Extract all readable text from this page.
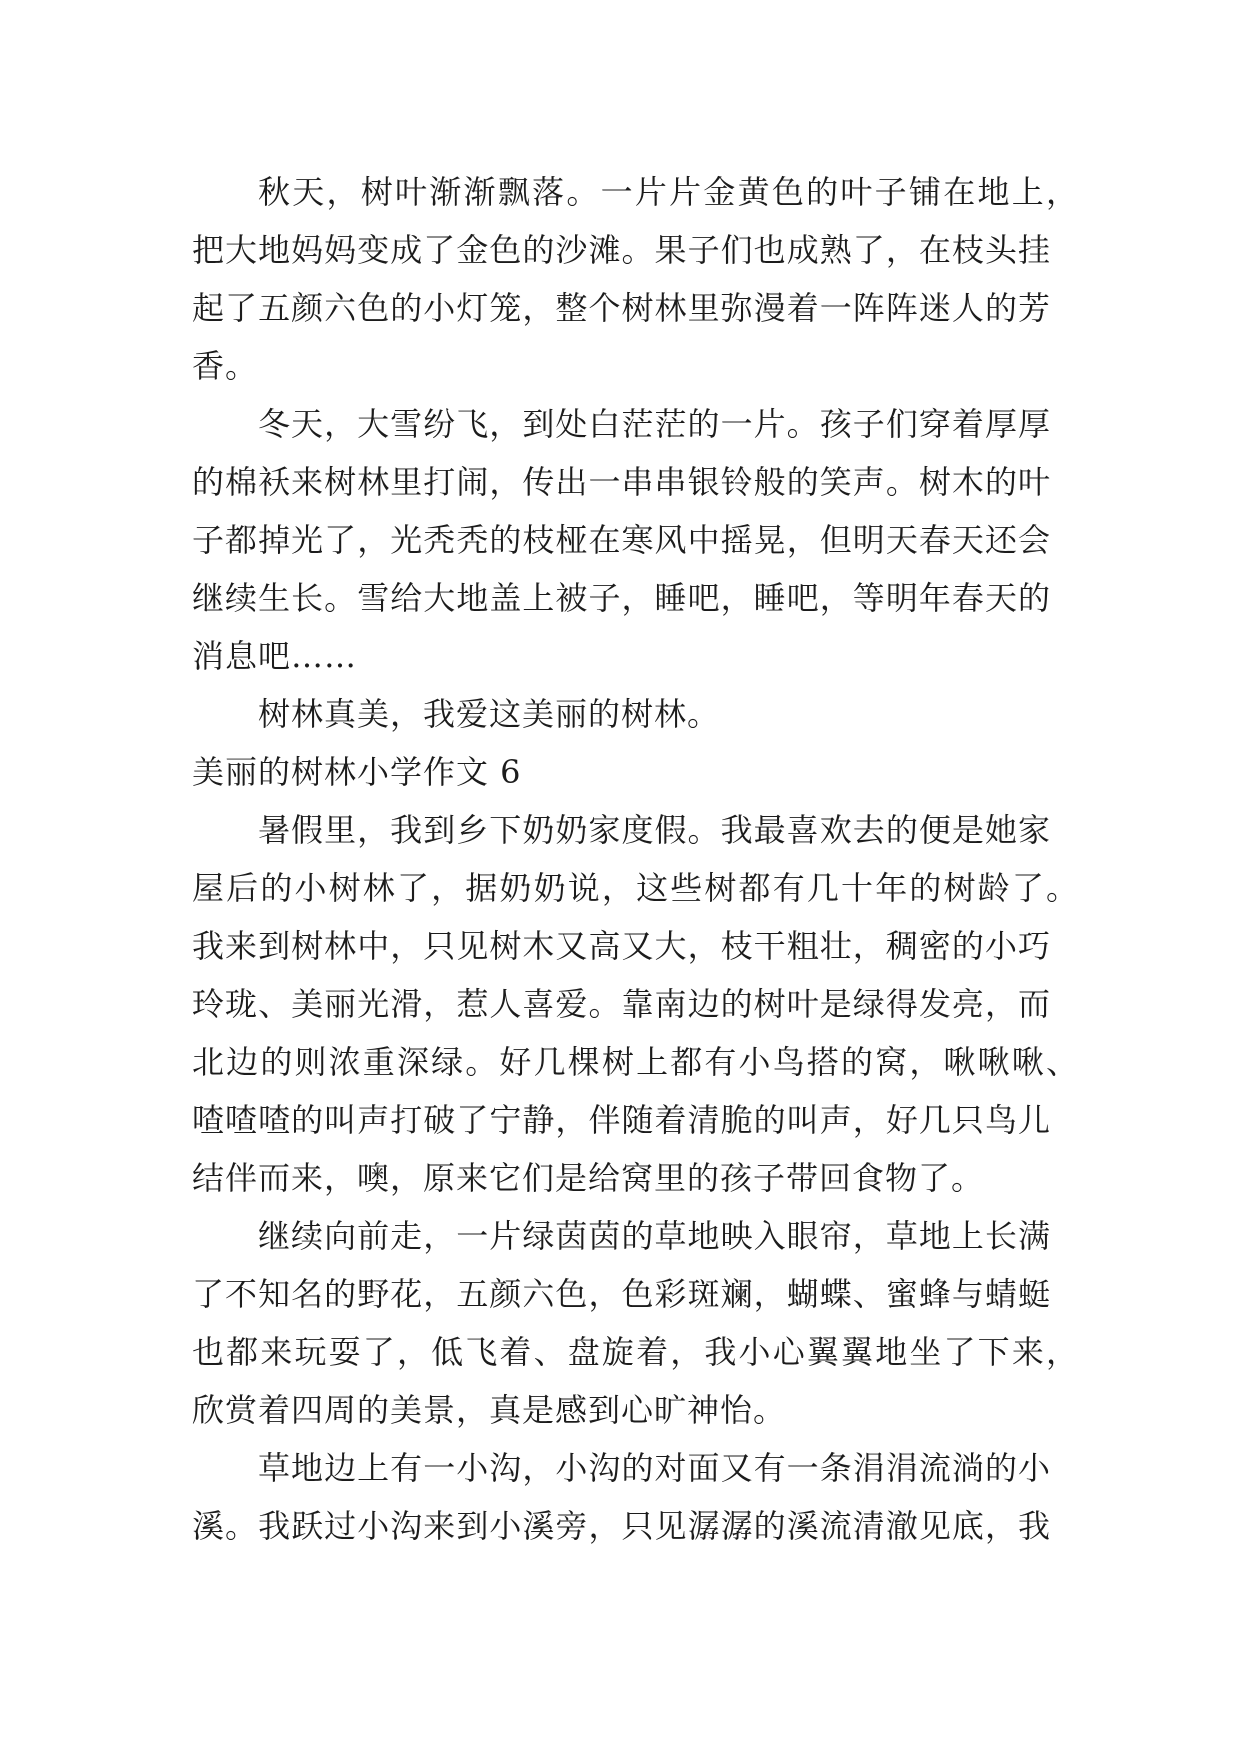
秋天，树叶渐渐飘落。一片片金黄色的叶子铺在地上，
把大地妈妈变成了金色的沙滩。果子们也成熟了，在枝头挂
起了五颜六色的小灯笼，整个树林里弥漫着一阵阵迷人的芳
香。
冬天，大雪纷飞，到处白茫茫的一片。孩子们穿着厚厚
的棉袄来树林里打闹，传出一串串银铃般的笑声。树木的叶
子都掉光了，光秃秃的枝桠在寒风中摇晃，但明天春天还会
继续生长。雪给大地盖上被子，睡吧，睡吧，等明年春天的
消息吧……
树林真美，我爱这美丽的树林。
美丽的树林小学作文 6
暑假里，我到乡下奶奶家度假。我最喜欢去的便是她家
屋后的小树林了，据奶奶说，这些树都有几十年的树龄了。
我来到树林中，只见树木又高又大，枝干粗壮，稠密的小巧
玲珑、美丽光滑，惹人喜爱。靠南边的树叶是绿得发亮，而
北边的则浓重深绿。好几棵树上都有小鸟搭的窝，啾啾啾、
喳喳喳的叫声打破了宁静，伴随着清脆的叫声，好几只鸟儿
结伴而来，噢，原来它们是给窝里的孩子带回食物了。
继续向前走，一片绿茵茵的草地映入眼帘，草地上长满
了不知名的野花，五颜六色，色彩斑斓，蝴蝶、蜜蜂与蜻蜓
也都来玩耍了，低飞着、盘旋着，我小心翼翼地坐了下来，
欣赏着四周的美景，真是感到心旷神怡。
草地边上有一小沟，小沟的对面又有一条涓涓流淌的小
溪。我跃过小沟来到小溪旁，只见潺潺的溪流清澈见底，我
